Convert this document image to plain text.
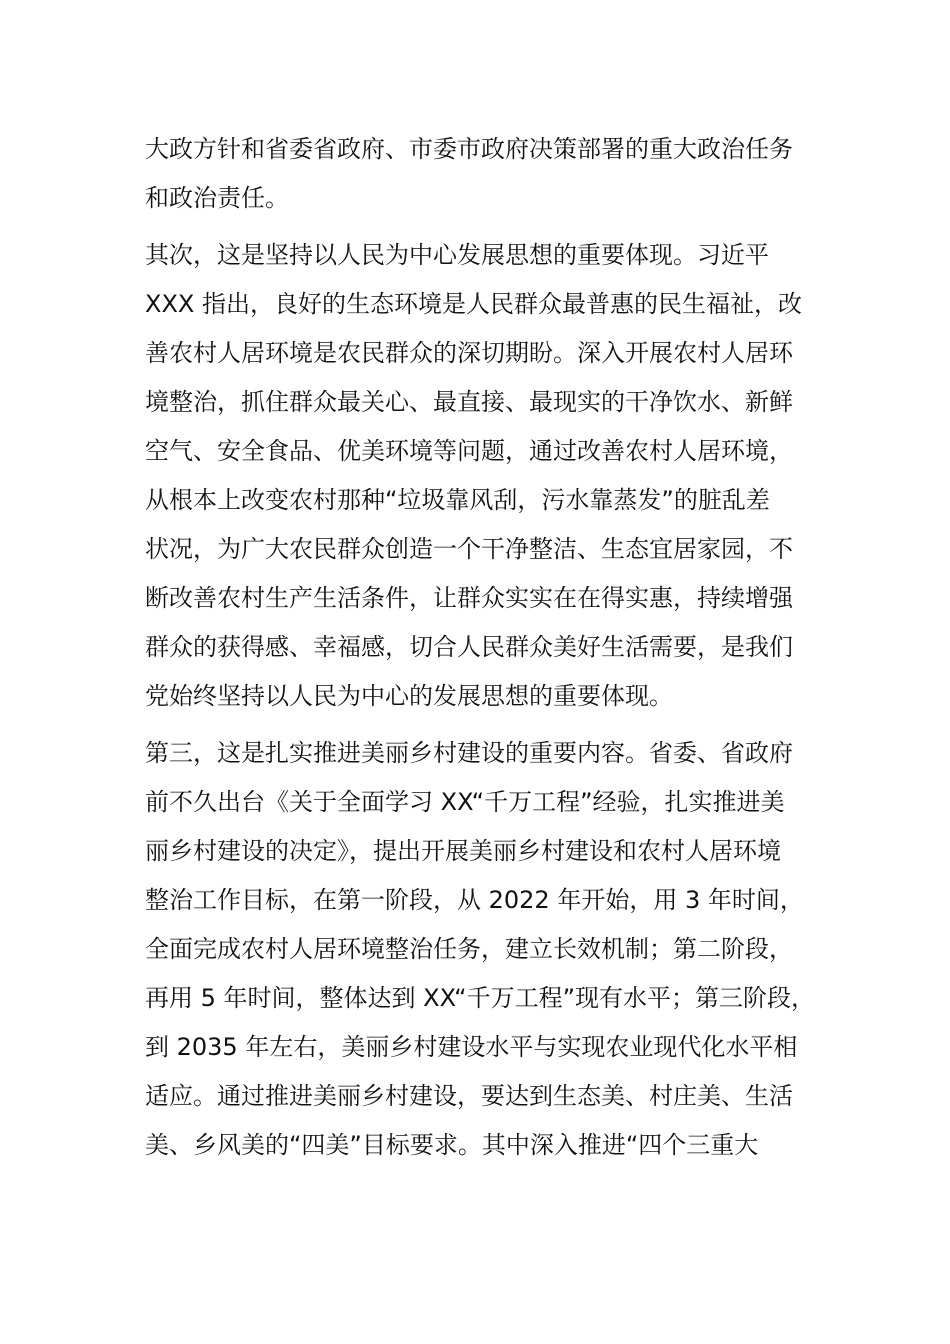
大政方针和省委省政府、市委市政府决策部署的重大政治任务
和政治责任。
其次，这是坚持以人民为中心发展思想的重要体现。习近平
XXX 指出，良好的生态环境是人民群众最普惠的民生福祉，改
善农村人居环境是农民群众的深切期盼。深入开展农村人居环
境整治，抓住群众最关心、最直接、最现实的干净饮水、新鲜
空气、安全食品、优美环境等问题，通过改善农村人居环境，
从根本上改变农村那种“垃圾靠风刮，污水靠蒸发”的脏乱差
状况，为广大农民群众创造一个干净整洁、生态宜居家园，不
断改善农村生产生活条件，让群众实实在在得实惠，持续增强
群众的获得感、幸福感，切合人民群众美好生活需要，是我们
党始终坚持以人民为中心的发展思想的重要体现。
第三，这是扎实推进美丽乡村建设的重要内容。省委、省政府
前不久出台《关于全面学习 XX“千万工程”经验，扎实推进美
丽乡村建设的决定》，提出开展美丽乡村建设和农村人居环境
整治工作目标，在第一阶段，从 2022 年开始，用 3 年时间，
全面完成农村人居环境整治任务，建立长效机制；第二阶段，
再用 5 年时间，整体达到 XX“千万工程”现有水平；第三阶段，
到 2035 年左右，美丽乡村建设水平与实现农业现代化水平相
适应。通过推进美丽乡村建设，要达到生态美、村庄美、生活
美、乡风美的“四美”目标要求。其中深入推进“四个三重大
